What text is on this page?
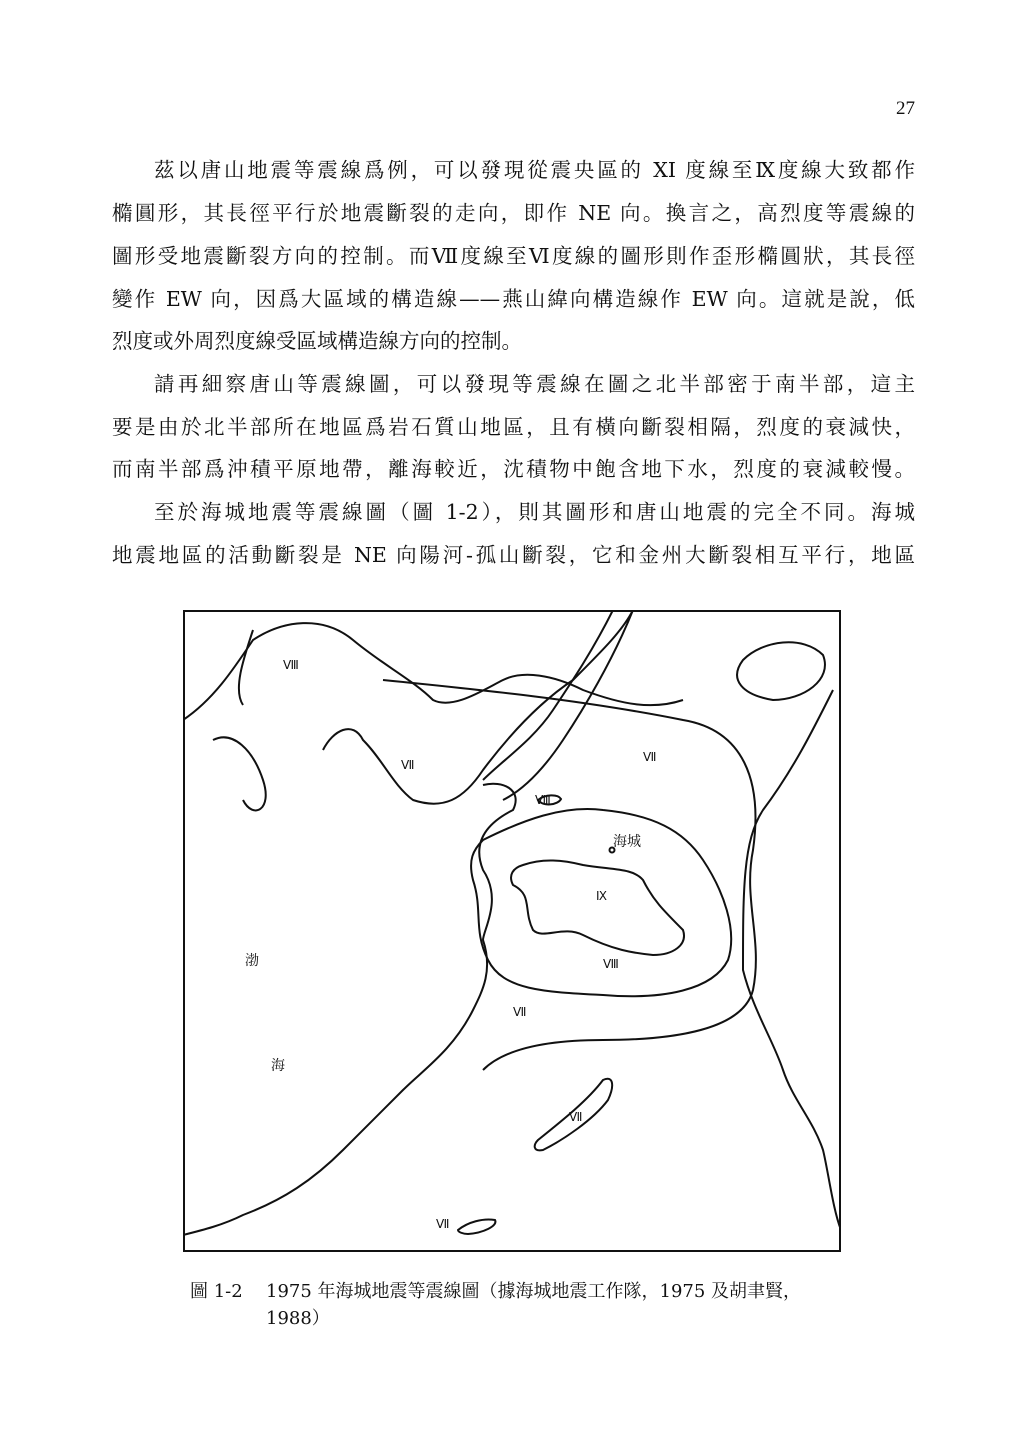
27
茲以唐山地震等震線爲例，可以發現從震央區的 XI 度線至Ⅸ度線大致都作
橢圓形，其長徑平行於地震斷裂的走向，即作 NE 向。換言之，高烈度等震線的
圖形受地震斷裂方向的控制。而Ⅶ度線至Ⅵ度線的圖形則作歪形橢圓狀，其長徑
變作 EW 向，因爲大區域的構造線——燕山緯向構造線作 EW 向。這就是說，低
烈度或外周烈度線受區域構造線方向的控制。
請再細察唐山等震線圖，可以發現等震線在圖之北半部密于南半部，這主
要是由於北半部所在地區爲岩石質山地區，且有橫向斷裂相隔，烈度的衰減快，
而南半部爲沖積平原地帶，離海較近，沈積物中飽含地下水，烈度的衰減較慢。
至於海城地震等震線圖（圖 1-2），則其圖形和唐山地震的完全不同。海城
地震地區的活動斷裂是 NE 向陽河-孤山斷裂，它和金州大斷裂相互平行，地區
Ⅷ
Ⅶ
Ⅶ
Ⅷ
海城
Ⅸ
Ⅷ
Ⅶ
渤
海
Ⅶ
Ⅶ
圖 1-2 1975 年海城地震等震線圖（據海城地震工作隊，1975 及胡聿賢，
1988）
